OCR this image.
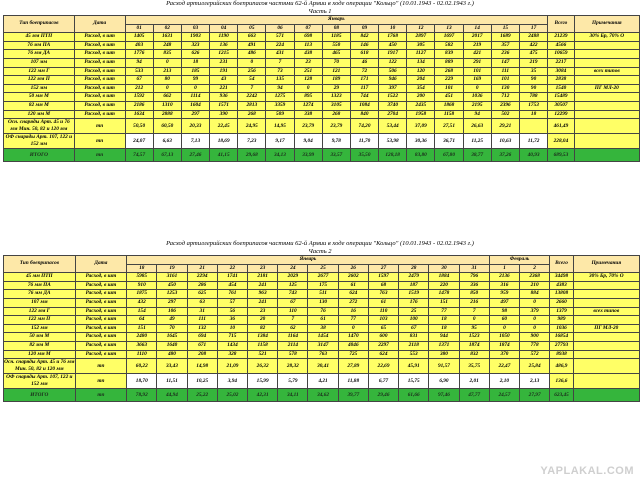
Расход артиллерийских боеприпасов частями 62-й Армии в ходе операции "Кольцо" (10.01.1943 - 02.02.1943 г.)
Часть 1
Тип боеприпасов	Дата	Январь															Всего	Примечания
		01	02	03	04	05	06	07	08	09	10	12	13	14	15	17		
45 мм ПТП	Расход, в шт	1405	1631	1903	1190	663	571	698	1185	842	1768	2897	1697	2017	1689	2488	21239	30% Бр, 70% О
76 мм ПА	Расход, в шт	403	248	323	136	491	224	113	550	146	450	305	582	219	357	422	4566	
76 мм ДА	Расход, в шт	1776	835	626	1215	486	431	438	465	618	1917	1127	839	421	236	475	10659	
107 мм	Расход, в шт	94	0	18	231	0	7	23	70	46	122	134	889	291	147	219	2217	
122 мм Г	Расход, в шт	533	213	185	191	256	73	251	121	72	506	120	268	101	111	35	3084	всех типов
122 мм П	Расход, в шт	67	80	99	43	54	135	128	189	171	946	204	229	169	101	90	2838	
152 мм	Расход, в шт	212	0	0	221	7	94	0	29	117	397	354	101	0	130	90	1540	ПГ МЛ-20
50 мм М	Расход, в шт	1592	662	1114	936	2242	1275	895	1323	744	1522	200	451	1036	712	788	15489	
82 мм М	Расход, в шт	2186	1310	1604	1571	2813	3359	1274	3105	1084	3740	2435	1868	2195	2396	1753	30507	
120 мм М	Расход, в шт	1634	2888	297	390	268	509	338	268	840	2704	1958	1158	94	502	18	12299	
Осн. снаряды Арт. 45 и 76 мм Мин. 50, 82 и 120 мм	тп	50,50	60,50	20,33	22,45	24,95	14,95	23,79	23,79	74,20	53,44	37,09	27,51	26,63	29,21		461,49	
ОФ снаряды Арт. 107, 122 и 152 мм	тп	24,07	6,63	7,13	18,69	7,23	9,17	9,04	9,78	11,70	53,98	30,36	36,71	11,25	10,63	11,72	228,04	
ИТОГО	тп	74,57	67,13	27,46	41,15	29,68	34,13	33,99	33,57	35,50	128,18	83,80	67,80	38,77	37,26	40,93	689,53	
Расход артиллерийских боеприпасов частями 62-й Армии в ходе операции "Кольцо" (10.01.1943 - 02.02.1943 г.)
Часть 2
Тип боеприпасов	Дата	Январь												Февраль		Всего	Примечания
		18	19	21	22	23	24	25	26	27	28	30	31	1	2		
45 мм ПТП	Расход, в шт	5985	3161	2294	1741	2181	2029	2677	2602	1597	2479	1884	796	2136	2368	34498	30% Бр, 70% О
76 мм ПА	Расход, в шт	910	450	286	454	241	125	175	61	68	187	220	336	316	210	4383	
76 мм ДА	Расход, в шт	1875	1253	625	761	963	743	511	624	763	1519	1478	850	959	884	13808	
107 мм	Расход, в шт	432	297	63	57	241	67	130	272	61	176	151	216	497	0	2660	
122 мм Г	Расход, в шт	154	106	31	56	23	110	76	16	110	25	77	7	98	379	1379	всех типов
122 мм П	Расход, в шт	64	49	111	36	20	7	61	77	103	100	18	0	60	0	989	
152 мм	Расход, в шт	151	70	132	10	82	62	38	0	65	67	18	95	0	0	1036	ПГ МЛ-20
50 мм М	Расход, в шт	2480	1645	694	715	1384	1164	1454	1470	600	831	944	1523	1050	900	16854	
82 мм М	Расход, в шт	3663	1640	671	1434	1158	2114	3147	4046	2297	2118	1371	1874	1874	778	27793	
120 мм М	Расход, в шт	1110	480	208	328	521	578	763	725	624	553	380	832	370	572	8938	
Осн. снаряды Арт. 45 и 76 мм Мин. 50, 82 и 120 мм	тп	60,22	33,43	14,98	21,09	26,32	28,32	30,41	27,89	22,69	45,91	91,57	35,75	22,47	25,84	486,9	
ОФ снаряды Арт. 107, 122 и 152 мм	тп	18,70	11,51	10,25	3,94	15,99	5,79	4,21	11,88	6,77	15,75	6,90	2,01	2,10	2,13	136,6	
ИТОГО	тп	78,92	44,94	25,22	25,02	42,31	34,11	34,62	39,77	29,46	61,66	97,46	47,77	24,57	27,97	623,45	
YAPLAKAL.COM
